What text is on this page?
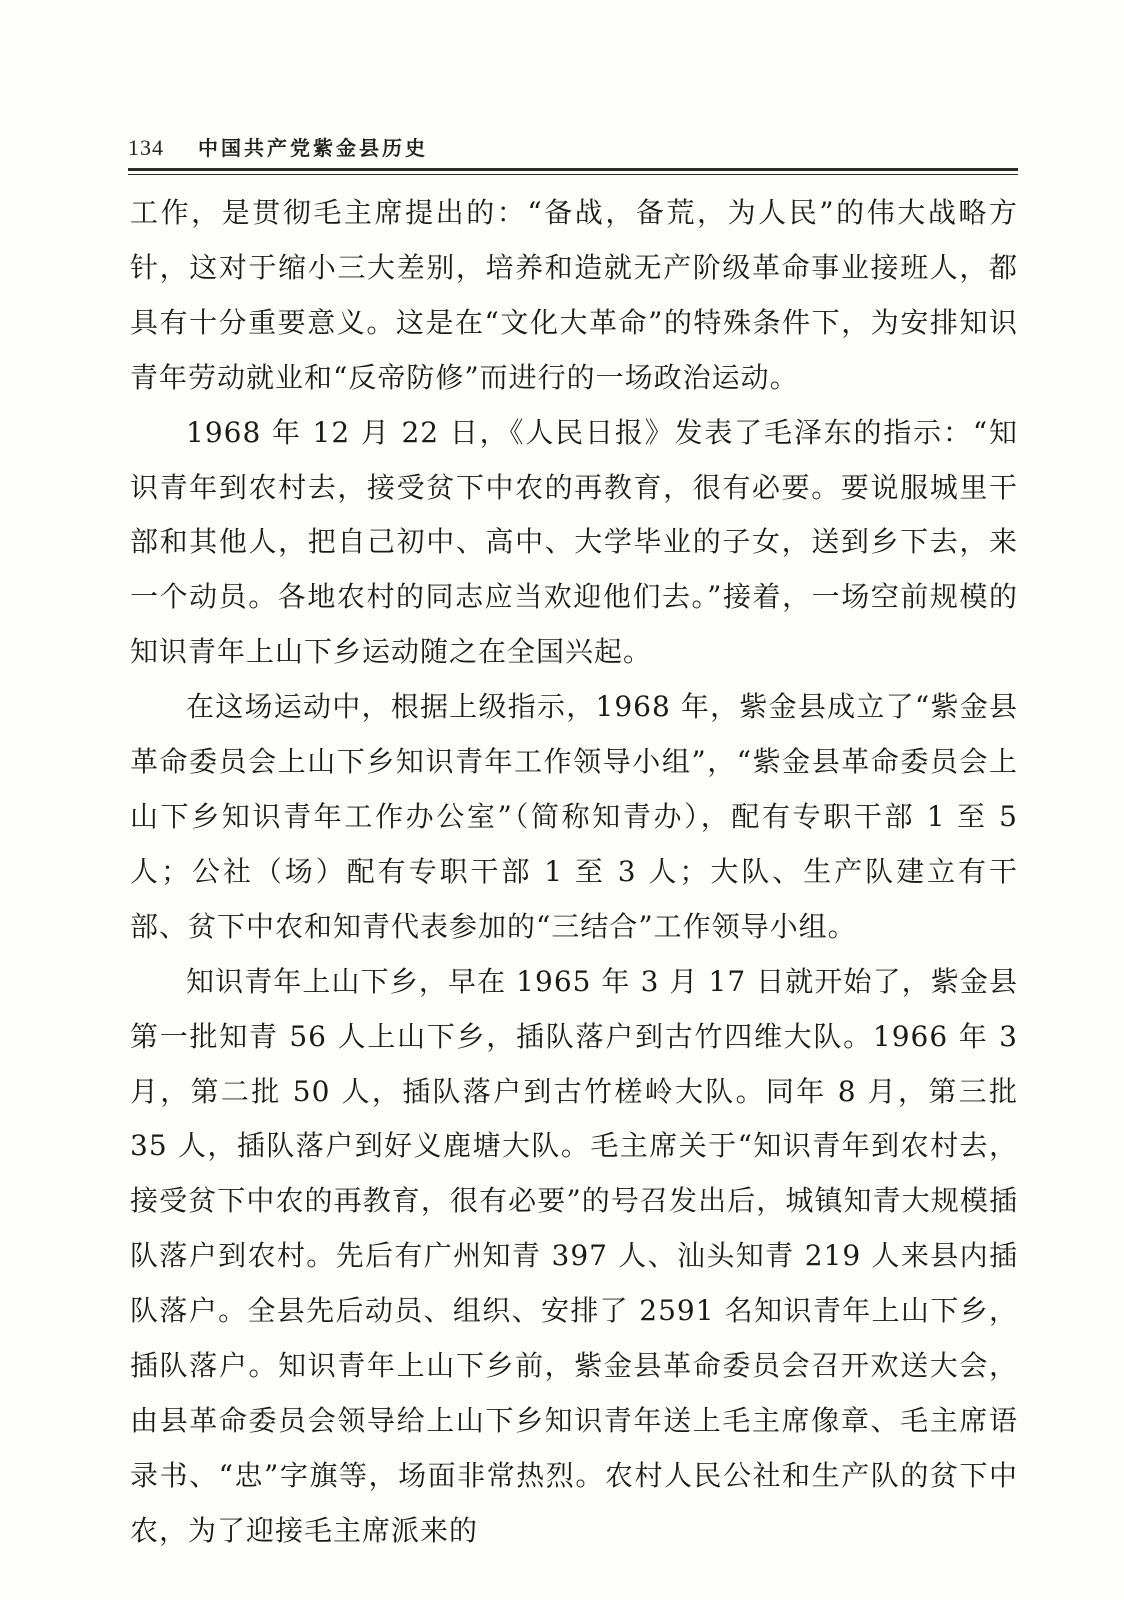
134 中国共产党紫金县历史

工作，是贯彻毛主席提出的：“备战，备荒，为人民”的伟大战略方针，这对于缩小三大差别，培养和造就无产阶级革命事业接班人，都具有十分重要意义。这是在“文化大革命”的特殊条件下，为安排知识青年劳动就业和“反帝防修”而进行的一场政治运动。

1968 年 12 月 22 日，《人民日报》发表了毛泽东的指示：“知识青年到农村去，接受贫下中农的再教育，很有必要。要说服城里干部和其他人，把自己初中、高中、大学毕业的子女，送到乡下去，来一个动员。各地农村的同志应当欢迎他们去。”接着，一场空前规模的知识青年上山下乡运动随之在全国兴起。

在这场运动中，根据上级指示，1968 年，紫金县成立了“紫金县革命委员会上山下乡知识青年工作领导小组”，“紫金县革命委员会上山下乡知识青年工作办公室”（简称知青办），配有专职干部 1 至 5 人；公社（场）配有专职干部 1 至 3 人；大队、生产队建立有干部、贫下中农和知青代表参加的“三结合”工作领导小组。

知识青年上山下乡，早在 1965 年 3 月 17 日就开始了，紫金县第一批知青 56 人上山下乡，插队落户到古竹四维大队。1966 年 3 月，第二批 50 人，插队落户到古竹槎岭大队。同年 8 月，第三批 35 人，插队落户到好义鹿塘大队。毛主席关于“知识青年到农村去，接受贫下中农的再教育，很有必要”的号召发出后，城镇知青大规模插队落户到农村。先后有广州知青 397 人、汕头知青 219 人来县内插队落户。全县先后动员、组织、安排了 2591 名知识青年上山下乡，插队落户。知识青年上山下乡前，紫金县革命委员会召开欢送大会，由县革命委员会领导给上山下乡知识青年送上毛主席像章、毛主席语录书、“忠”字旗等，场面非常热烈。农村人民公社和生产队的贫下中农，为了迎接毛主席派来的
